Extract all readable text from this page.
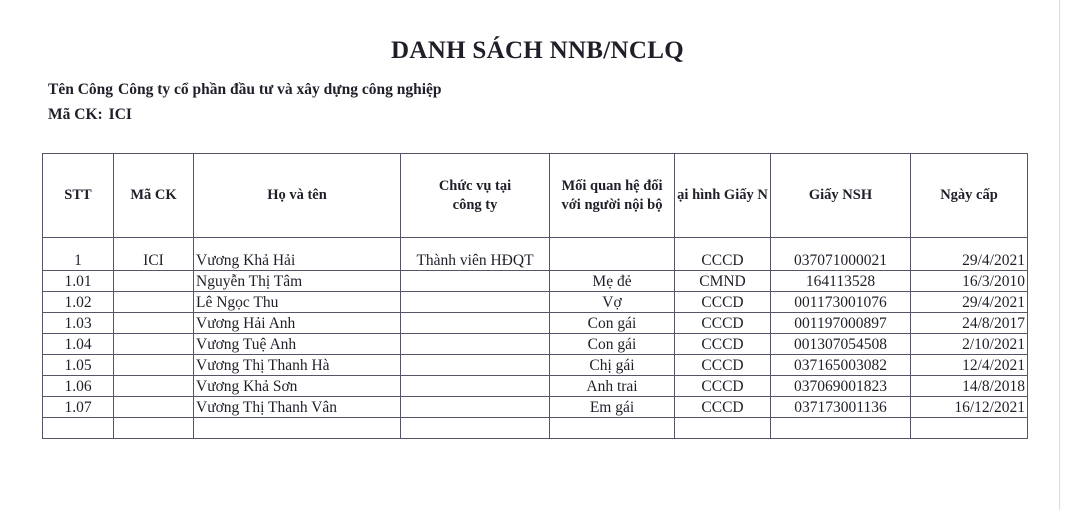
DANH SÁCH NNB/NCLQ
Tên Công Công ty cổ phần đầu tư và xây dựng công nghiệp
Mã CK: ICI
STT	Mã CK	Họ và tên	Chức vụ tại công ty	Mối quan hệ đối với người nội bộ	ại hình Giấy N	Giấy NSH	Ngày cấp
1	ICI	Vương Khả Hải	Thành viên HĐQT		CCCD	037071000021	29/4/2021
1.01		Nguyễn Thị Tâm		Mẹ đẻ	CMND	164113528	16/3/2010
1.02		Lê Ngọc Thu		Vợ	CCCD	001173001076	29/4/2021
1.03		Vương Hải Anh		Con gái	CCCD	001197000897	24/8/2017
1.04		Vương Tuệ Anh		Con gái	CCCD	001307054508	2/10/2021
1.05		Vương Thị Thanh Hà		Chị gái	CCCD	037165003082	12/4/2021
1.06		Vương Khả Sơn		Anh trai	CCCD	037069001823	14/8/2018
1.07		Vương Thị Thanh Vân		Em gái	CCCD	037173001136	16/12/2021
